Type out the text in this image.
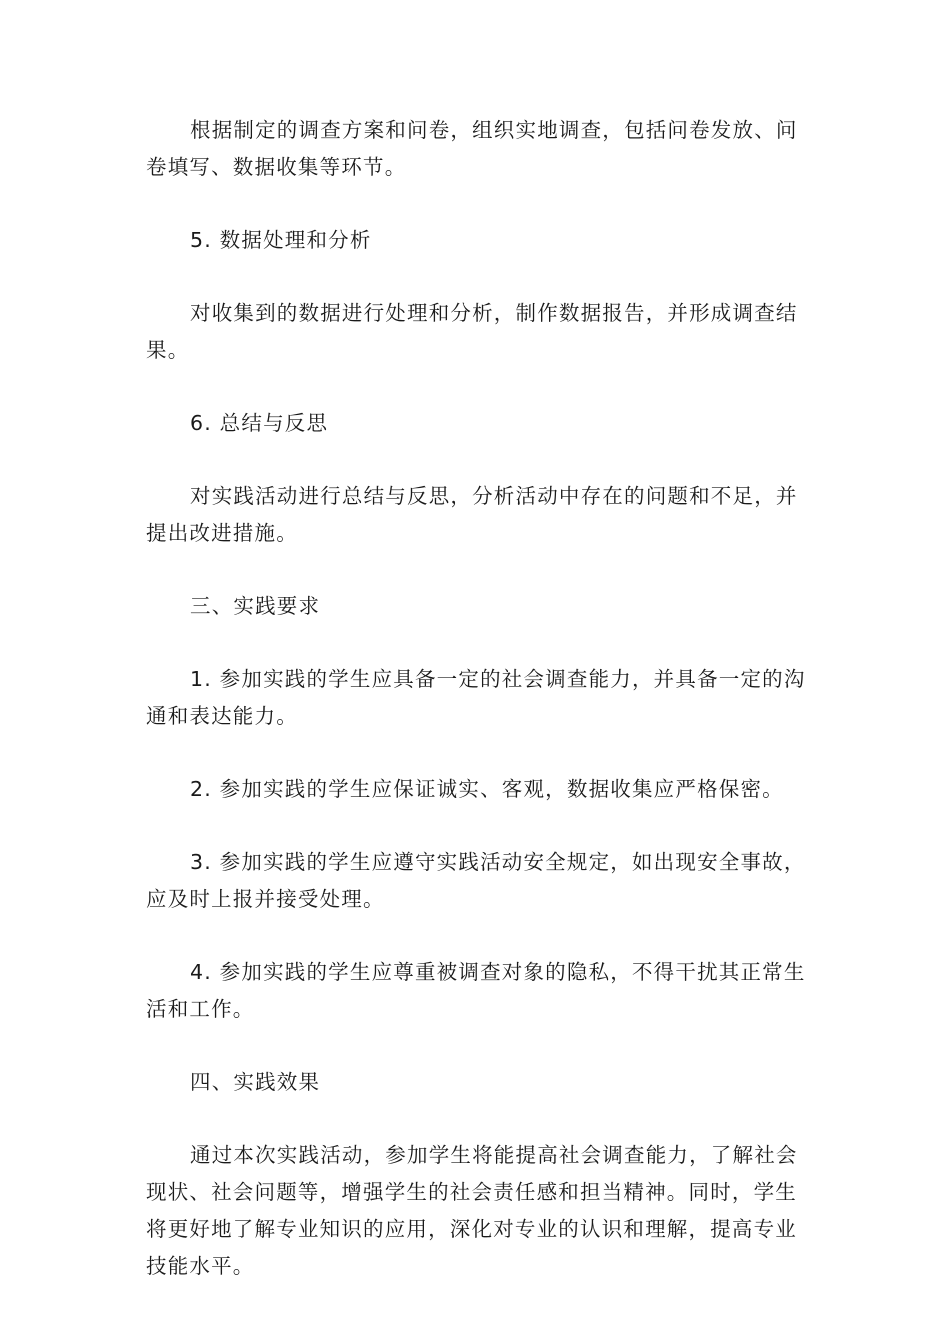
根据制定的调查方案和问卷，组织实地调查，包括问卷发放、问卷填写、数据收集等环节。

5. 数据处理和分析

对收集到的数据进行处理和分析，制作数据报告，并形成调查结果。

6. 总结与反思

对实践活动进行总结与反思，分析活动中存在的问题和不足，并提出改进措施。

三、实践要求

1. 参加实践的学生应具备一定的社会调查能力，并具备一定的沟通和表达能力。

2. 参加实践的学生应保证诚实、客观，数据收集应严格保密。

3. 参加实践的学生应遵守实践活动安全规定，如出现安全事故，应及时上报并接受处理。

4. 参加实践的学生应尊重被调查对象的隐私，不得干扰其正常生活和工作。

四、实践效果

通过本次实践活动，参加学生将能提高社会调查能力，了解社会现状、社会问题等，增强学生的社会责任感和担当精神。同时，学生将更好地了解专业知识的应用，深化对专业的认识和理解，提高专业技能水平。
